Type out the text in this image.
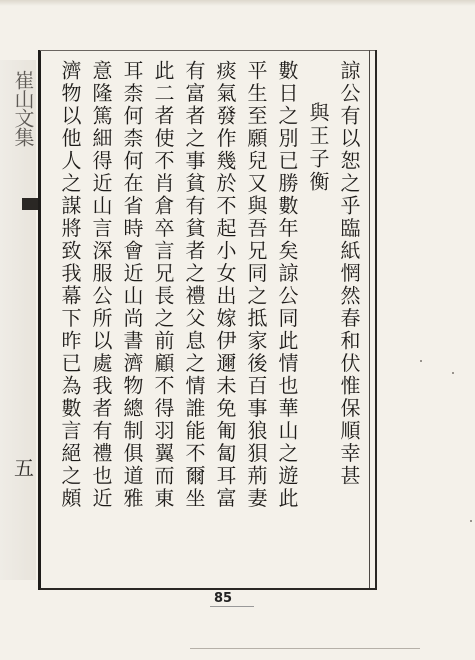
崔山文集
五	諒公有以恕之乎臨紙惘然春和伏惟保順幸甚
與王子衡
數日之別已勝數年矣諒公同此情也華山之遊此
平生至願兒又與吾兄同之抵家後百事狼狽荊妻
痰氣發作幾於不起小女出嫁伊邇未免匍匐耳富
有富者之事貧有貧者之禮父息之情誰能不爾坐
此二者使不肖倉卒言兄長之前顧不得羽翼而東
耳柰何柰何在省時會近山尚書濟物總制俱道雅
意隆篤細得近山言深服公所以處我者有禮也近
濟物以他人之謀將致我幕下昨已為數言絕之頗
85
